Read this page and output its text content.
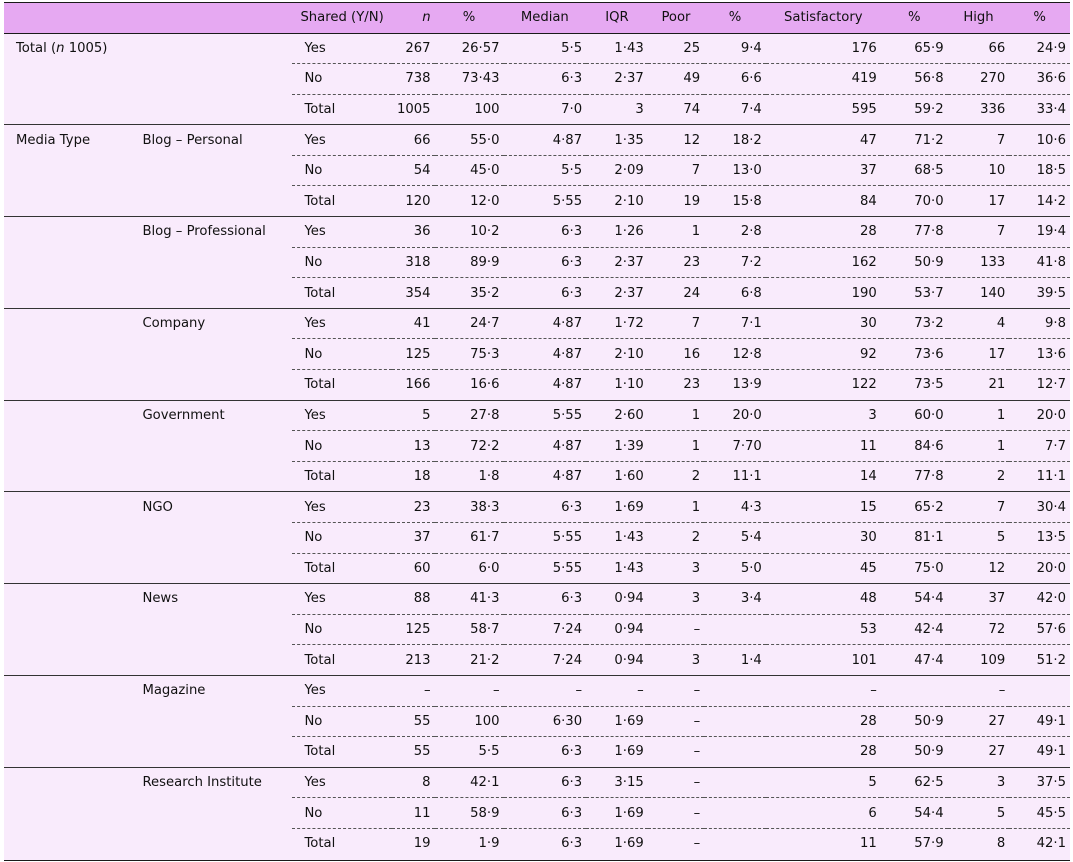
		Shared (Y/N)	n	%	Median	IQR	Poor	%	Satisfactory	%	High	%
Total (n 1005)		Yes	267	26·57	5·5	1·43	25	9·4	176	65·9	66	24·9
		No	738	73·43	6·3	2·37	49	6·6	419	56·8	270	36·6
		Total	1005	100	7·0	3	74	7·4	595	59·2	336	33·4
Media Type	Blog – Personal	Yes	66	55·0	4·87	1·35	12	18·2	47	71·2	7	10·6
		No	54	45·0	5·5	2·09	7	13·0	37	68·5	10	18·5
		Total	120	12·0	5·55	2·10	19	15·8	84	70·0	17	14·2
	Blog – Professional	Yes	36	10·2	6·3	1·26	1	2·8	28	77·8	7	19·4
		No	318	89·9	6·3	2·37	23	7·2	162	50·9	133	41·8
		Total	354	35·2	6·3	2·37	24	6·8	190	53·7	140	39·5
	Company	Yes	41	24·7	4·87	1·72	7	7·1	30	73·2	4	9·8
		No	125	75·3	4·87	2·10	16	12·8	92	73·6	17	13·6
		Total	166	16·6	4·87	1·10	23	13·9	122	73·5	21	12·7
	Government	Yes	5	27·8	5·55	2·60	1	20·0	3	60·0	1	20·0
		No	13	72·2	4·87	1·39	1	7·70	11	84·6	1	7·7
		Total	18	1·8	4·87	1·60	2	11·1	14	77·8	2	11·1
	NGO	Yes	23	38·3	6·3	1·69	1	4·3	15	65·2	7	30·4
		No	37	61·7	5·55	1·43	2	5·4	30	81·1	5	13·5
		Total	60	6·0	5·55	1·43	3	5·0	45	75·0	12	20·0
	News	Yes	88	41·3	6·3	0·94	3	3·4	48	54·4	37	42·0
		No	125	58·7	7·24	0·94	–		53	42·4	72	57·6
		Total	213	21·2	7·24	0·94	3	1·4	101	47·4	109	51·2
	Magazine	Yes	–	–	–	–	–		–		–	
		No	55	100	6·30	1·69	–		28	50·9	27	49·1
		Total	55	5·5	6·3	1·69	–		28	50·9	27	49·1
	Research Institute	Yes	8	42·1	6·3	3·15	–		5	62·5	3	37·5
		No	11	58·9	6·3	1·69	–		6	54·4	5	45·5
		Total	19	1·9	6·3	1·69	–		11	57·9	8	42·1
